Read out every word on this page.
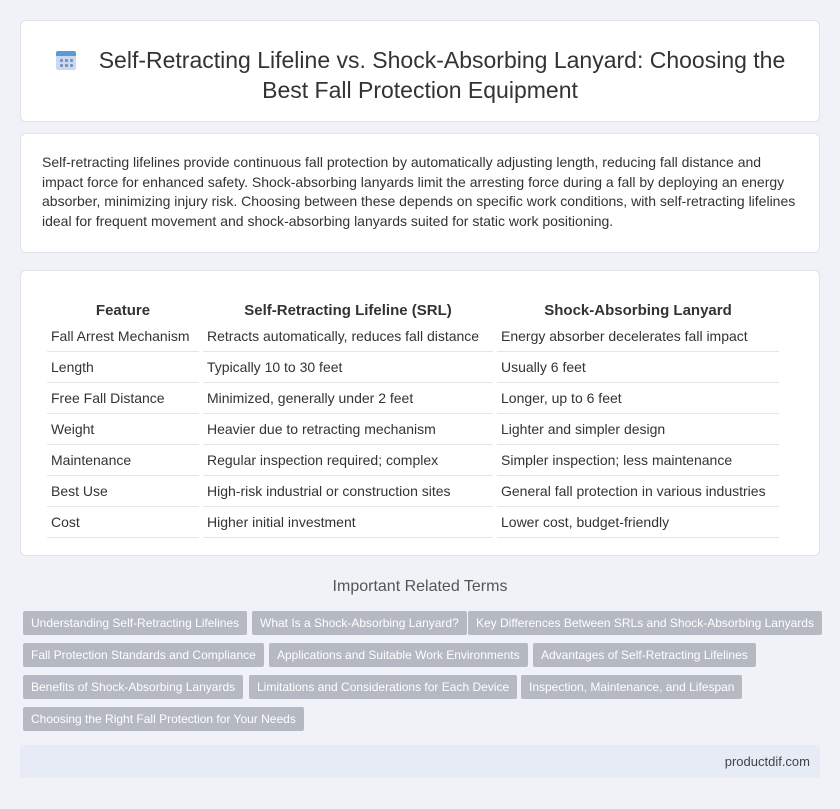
Self-Retracting Lifeline vs. Shock-Absorbing Lanyard: Choosing the Best Fall Protection Equipment

Self-retracting lifelines provide continuous fall protection by automatically adjusting length, reducing fall distance and impact force for enhanced safety. Shock-absorbing lanyards limit the arresting force during a fall by deploying an energy absorber, minimizing injury risk. Choosing between these depends on specific work conditions, with self-retracting lifelines ideal for frequent movement and shock-absorbing lanyards suited for static work positioning.

Feature	Self-Retracting Lifeline (SRL)	Shock-Absorbing Lanyard
Fall Arrest Mechanism	Retracts automatically, reduces fall distance	Energy absorber decelerates fall impact
Length	Typically 10 to 30 feet	Usually 6 feet
Free Fall Distance	Minimized, generally under 2 feet	Longer, up to 6 feet
Weight	Heavier due to retracting mechanism	Lighter and simpler design
Maintenance	Regular inspection required; complex	Simpler inspection; less maintenance
Best Use	High-risk industrial or construction sites	General fall protection in various industries
Cost	Higher initial investment	Lower cost, budget-friendly
Important Related Terms
Understanding Self-Retracting Lifelines	What Is a Shock-Absorbing Lanyard?	Key Differences Between SRLs and Shock-Absorbing Lanyards
Fall Protection Standards and Compliance	Applications and Suitable Work Environments	Advantages of Self-Retracting Lifelines
Benefits of Shock-Absorbing Lanyards	Limitations and Considerations for Each Device	Inspection, Maintenance, and Lifespan
Choosing the Right Fall Protection for Your Needs
productdif.com
